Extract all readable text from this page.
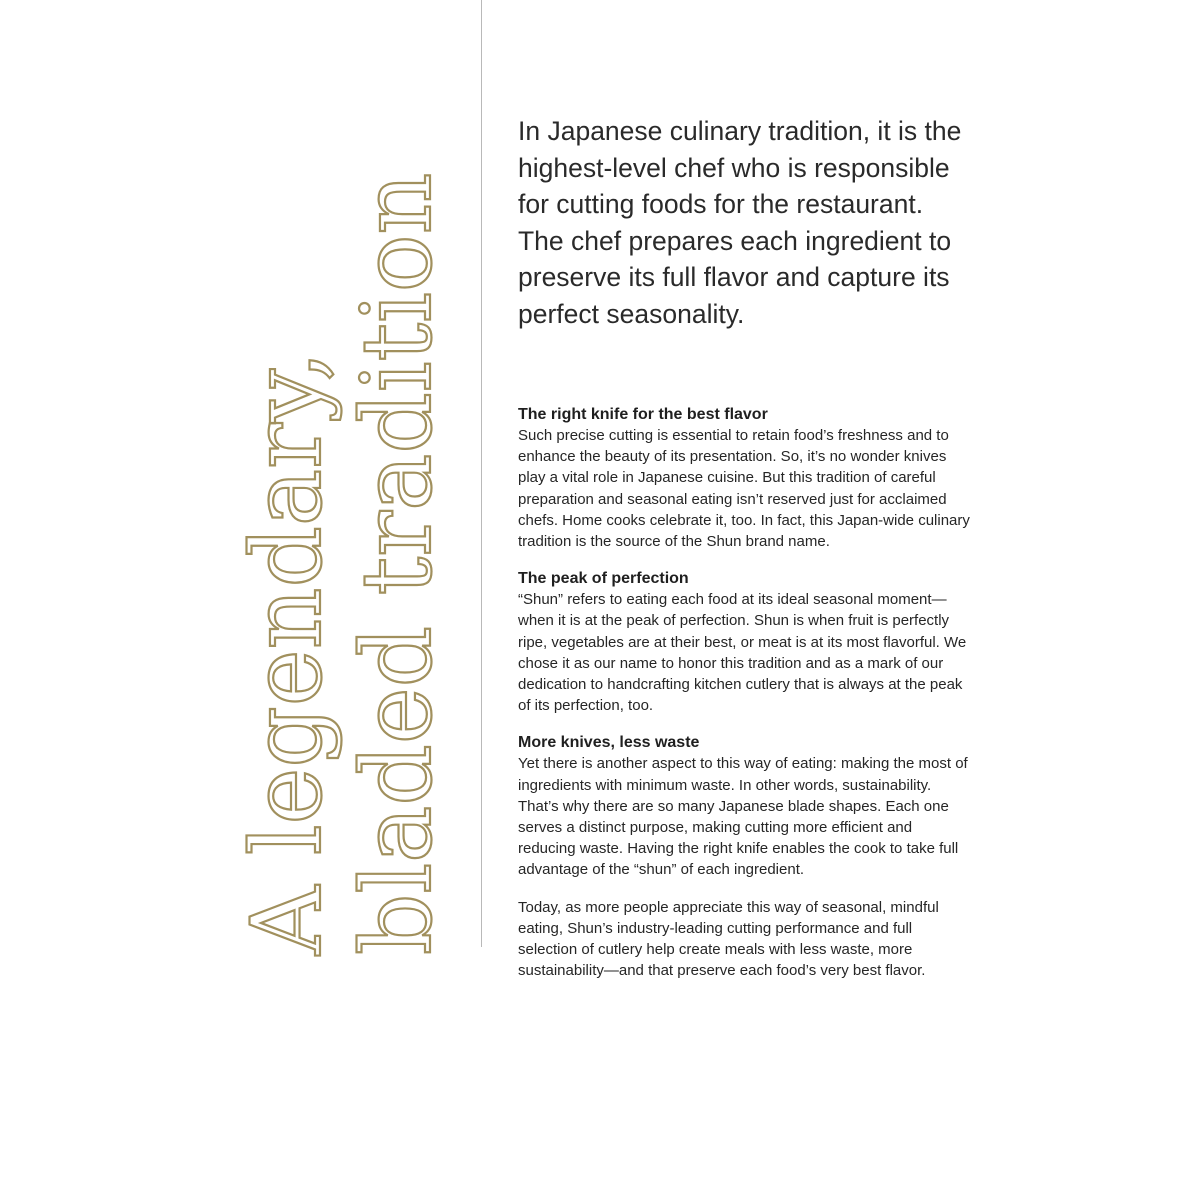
A legendary,
bladed tradition

In Japanese culinary tradition, it is the highest-level chef who is responsible for cutting foods for the restaurant. The chef prepares each ingredient to preserve its full flavor and capture its perfect seasonality.

The right knife for the best flavor

Such precise cutting is essential to retain food’s freshness and to enhance the beauty of its presentation. So, it’s no wonder knives play a vital role in Japanese cuisine. But this tradition of careful preparation and seasonal eating isn’t reserved just for acclaimed chefs. Home cooks celebrate it, too. In fact, this Japan-wide culinary tradition is the source of the Shun brand name.

The peak of perfection

“Shun” refers to eating each food at its ideal seasonal moment—when it is at the peak of perfection. Shun is when fruit is perfectly ripe, vegetables are at their best, or meat is at its most flavorful. We chose it as our name to honor this tradition and as a mark of our dedication to handcrafting kitchen cutlery that is always at the peak of its perfection, too.

More knives, less waste

Yet there is another aspect to this way of eating: making the most of ingredients with minimum waste. In other words, sustainability. That’s why there are so many Japanese blade shapes. Each one serves a distinct purpose, making cutting more efficient and reducing waste. Having the right knife enables the cook to take full advantage of the “shun” of each ingredient.

Today, as more people appreciate this way of seasonal, mindful eating, Shun’s industry-leading cutting performance and full selection of cutlery help create meals with less waste, more sustainability—and that preserve each food’s very best flavor.
